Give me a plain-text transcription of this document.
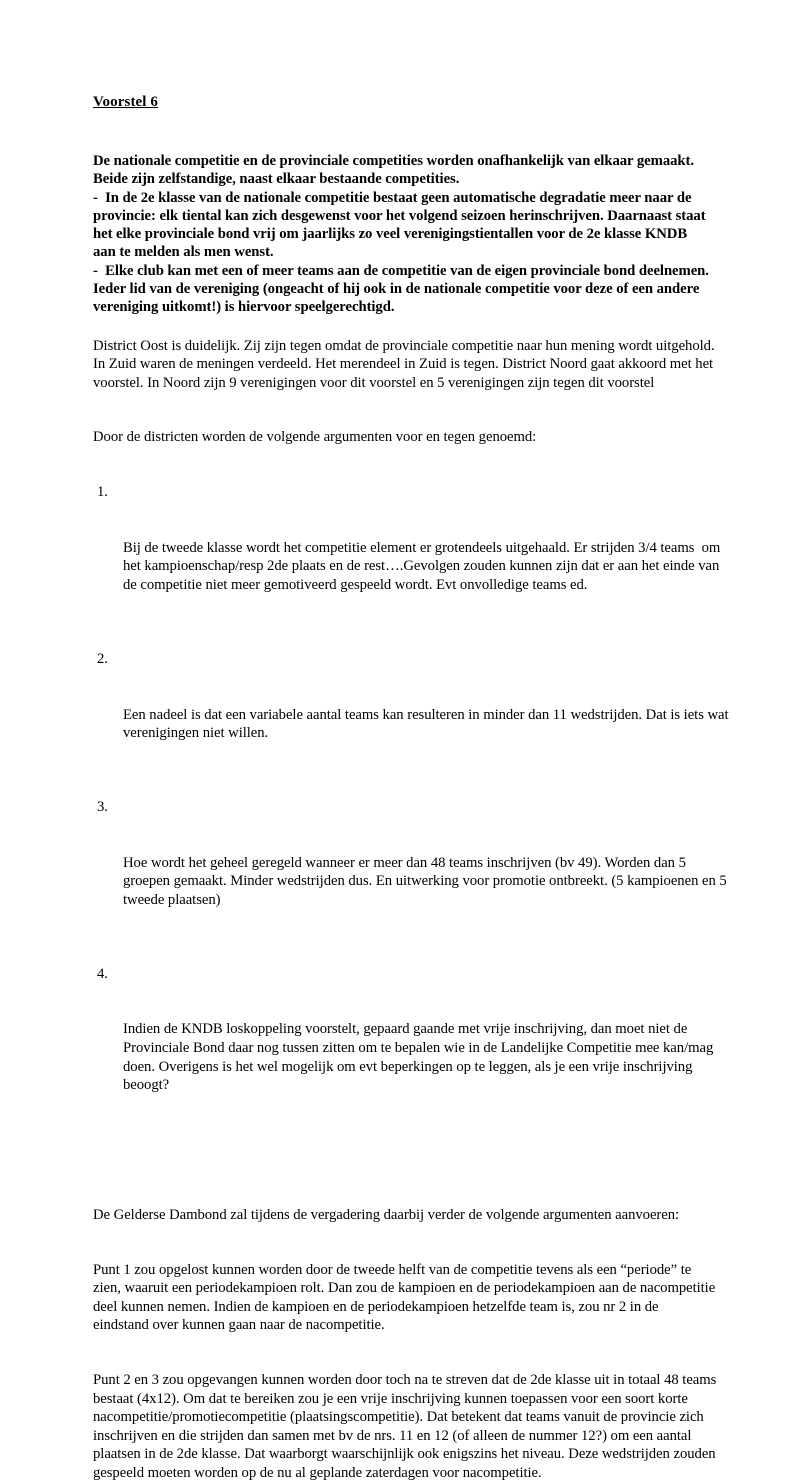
Voorstel 6
De nationale competitie en de provinciale competities worden onafhankelijk van elkaar gemaakt. Beide zijn zelfstandige, naast elkaar bestaande competities.
-  In de 2e klasse van de nationale competitie bestaat geen automatische degradatie meer naar de provincie: elk tiental kan zich desgewenst voor het volgend seizoen herinschrijven. Daarnaast staat het elke provinciale bond vrij om jaarlijks zo veel verenigingstientallen voor de 2e klasse KNDB aan te melden als men wenst.
-  Elke club kan met een of meer teams aan de competitie van de eigen provinciale bond deelnemen. Ieder lid van de vereniging (ongeacht of hij ook in de nationale competitie voor deze of een andere vereniging uitkomt!) is hiervoor speelgerechtigd.

District Oost is duidelijk. Zij zijn tegen omdat de provinciale competitie naar hun mening wordt uitgehold. In Zuid waren de meningen verdeeld. Het merendeel in Zuid is tegen. District Noord gaat akkoord met het voorstel. In Noord zijn 9 verenigingen voor dit voorstel en 5 verenigingen zijn tegen dit voorstel

Door de districten worden de volgende argumenten voor en tegen genoemd:

1.

Bij de tweede klasse wordt het competitie element er grotendeels uitgehaald. Er strijden 3/4 teams  om het kampioenschap/resp 2de plaats en de rest….Gevolgen zouden kunnen zijn dat er aan het einde van de competitie niet meer gemotiveerd gespeeld wordt. Evt onvolledige teams ed.

2.

Een nadeel is dat een variabele aantal teams kan resulteren in minder dan 11 wedstrijden. Dat is iets wat verenigingen niet willen.

3.

Hoe wordt het geheel geregeld wanneer er meer dan 48 teams inschrijven (bv 49). Worden dan 5 groepen gemaakt. Minder wedstrijden dus. En uitwerking voor promotie ontbreekt. (5 kampioenen en 5 tweede plaatsen)

4.

Indien de KNDB loskoppeling voorstelt, gepaard gaande met vrije inschrijving, dan moet niet de Provinciale Bond daar nog tussen zitten om te bepalen wie in de Landelijke Competitie mee kan/mag doen. Overigens is het wel mogelijk om evt beperkingen op te leggen, als je een vrije inschrijving beoogt?

De Gelderse Dambond zal tijdens de vergadering daarbij verder de volgende argumenten aanvoeren:

Punt 1 zou opgelost kunnen worden door de tweede helft van de competitie tevens als een “periode” te zien, waaruit een periodekampioen rolt. Dan zou de kampioen en de periodekampioen aan de nacompetitie deel kunnen nemen. Indien de kampioen en de periodekampioen hetzelfde team is, zou nr 2 in de eindstand over kunnen gaan naar de nacompetitie.

Punt 2 en 3 zou opgevangen kunnen worden door toch na te streven dat de 2de klasse uit in totaal 48 teams bestaat (4x12). Om dat te bereiken zou je een vrije inschrijving kunnen toepassen voor een soort korte nacompetitie/promotiecompetitie (plaatsingscompetitie). Dat betekent dat teams vanuit de provincie zich inschrijven en die strijden dan samen met bv de nrs. 11 en 12 (of alleen de nummer 12?) om een aantal plaatsen in de 2de klasse. Dat waarborgt waarschijnlijk ook enigszins het niveau. Deze wedstrijden zouden gespeeld moeten worden op de nu al geplande zaterdagen voor nacompetitie.
